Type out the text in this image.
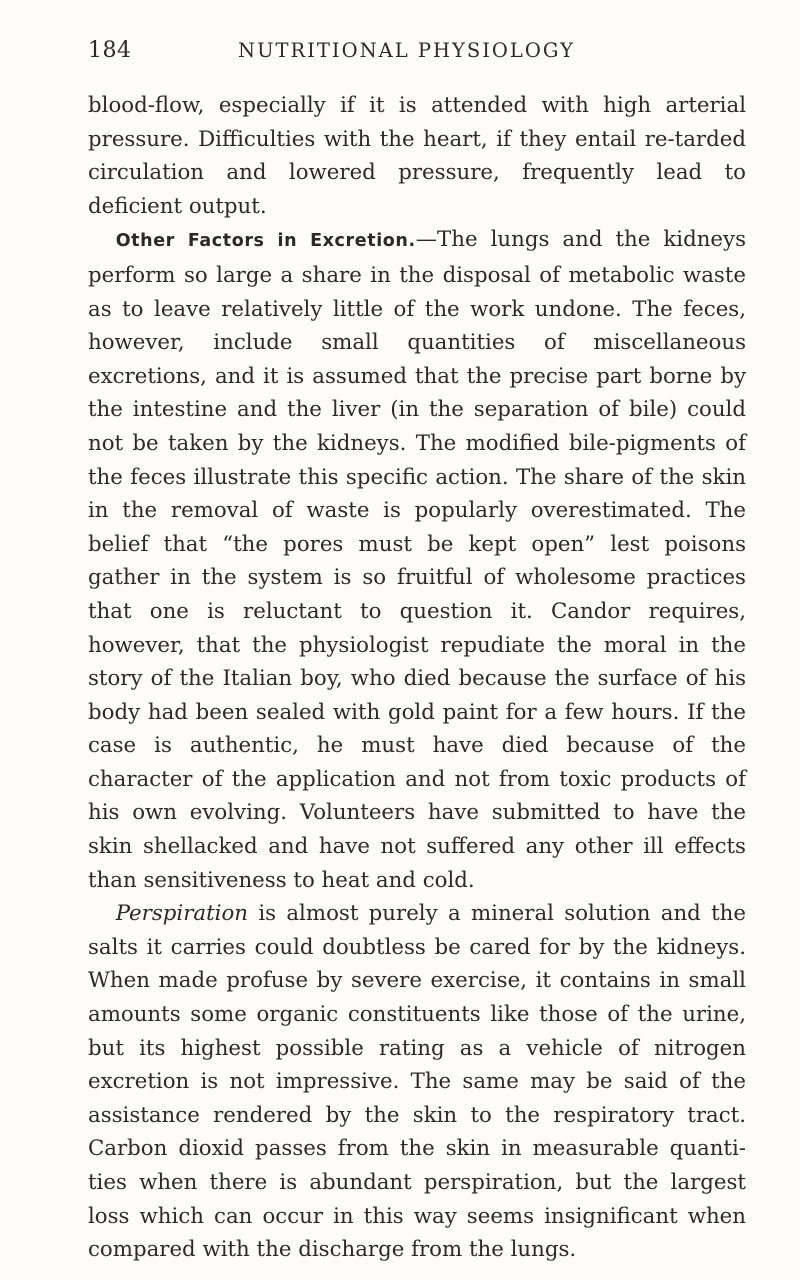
184	NUTRITIONAL PHYSIOLOGY

blood-flow, especially if it is attended with high arterial pressure. Difficulties with the heart, if they entail re-tarded circulation and lowered pressure, frequently lead to deficient output.

Other Factors in Excretion.—The lungs and the kidneys perform so large a share in the disposal of metabolic waste as to leave relatively little of the work undone. The feces, however, include small quantities of miscellaneous excretions, and it is assumed that the precise part borne by the intestine and the liver (in the separation of bile) could not be taken by the kidneys. The modified bile-pigments of the feces illustrate this specific action. The share of the skin in the removal of waste is popularly overestimated. The belief that “the pores must be kept open” lest poisons gather in the system is so fruitful of wholesome practices that one is reluctant to question it. Candor requires, however, that the physiologist repudiate the moral in the story of the Italian boy, who died because the surface of his body had been sealed with gold paint for a few hours. If the case is authentic, he must have died because of the character of the application and not from toxic products of his own evolving. Volunteers have submitted to have the skin shellacked and have not suffered any other ill effects than sensitiveness to heat and cold.

Perspiration is almost purely a mineral solution and the salts it carries could doubtless be cared for by the kidneys. When made profuse by severe exercise, it contains in small amounts some organic constituents like those of the urine, but its highest possible rating as a vehicle of nitrogen excretion is not impressive. The same may be said of the assistance rendered by the skin to the respiratory tract. Carbon dioxid passes from the skin in measurable quanti-ties when there is abundant perspiration, but the largest loss which can occur in this way seems insignificant when compared with the discharge from the lungs.
